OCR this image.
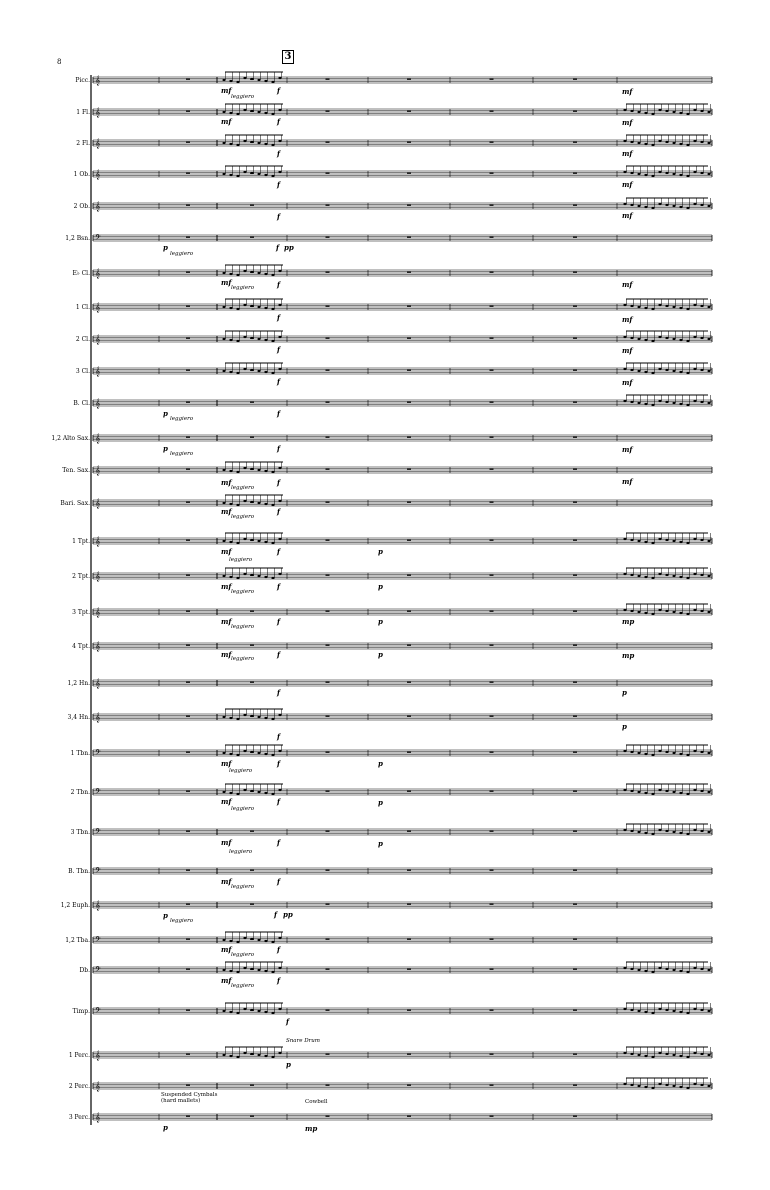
8	3
𝄞
𝄞
𝄞
𝄞
𝄞
𝄢
𝄞
𝄞
𝄞
𝄞
𝄞
𝄞
𝄞
𝄞
𝄞
𝄞
𝄞
𝄞
𝄞
𝄞
𝄢
𝄢
𝄢
𝄢
𝄞
𝄢
𝄢
𝄢
𝄞
𝄞
𝄞
Picc.
1 Fl.
2 Fl.
1 Ob.
2 Ob.
1,2 Bsn.
E♭ Cl.
1 Cl.
2 Cl.
3 Cl.
B. Cl.
1,2 Alto Sax.
Ten. Sax.
Bari. Sax.
1 Tpt.
2 Tpt.
3 Tpt.
4 Tpt.
1,2 Hn.
3,4 Hn.
1 Tbn.
2 Tbn.
3 Tbn.
B. Tbn.
1,2 Euph.
1,2 Tba.
Db.
Timp.
1 Perc.
2 Perc.
3 Perc.
leggiero
leggiero
leggiero
leggiero
leggiero
leggiero
leggiero
leggiero
leggiero
leggiero
leggiero
leggiero
leggiero
leggiero
leggiero
leggiero
leggiero
leggiero
Snare Drum
Suspended Cymbals
(hard mallets)	Cowbell
mf	f	mf
mf	f	mf
f	mf
f	mf
f	mf
p	f pp
mf	f	mf
f	mf
f	mf
f	mf
p	f
p	f	mf
mf	f	mf
mf	f
mf	f	p
mf	f	p
mf	f	p	mp
mf	f	p	mp
f	p
f
p
mf	f	p
mf	f	p
mf	f	p
mf	f
p	f pp
mf	f
mf	f
f
p
p	mp
